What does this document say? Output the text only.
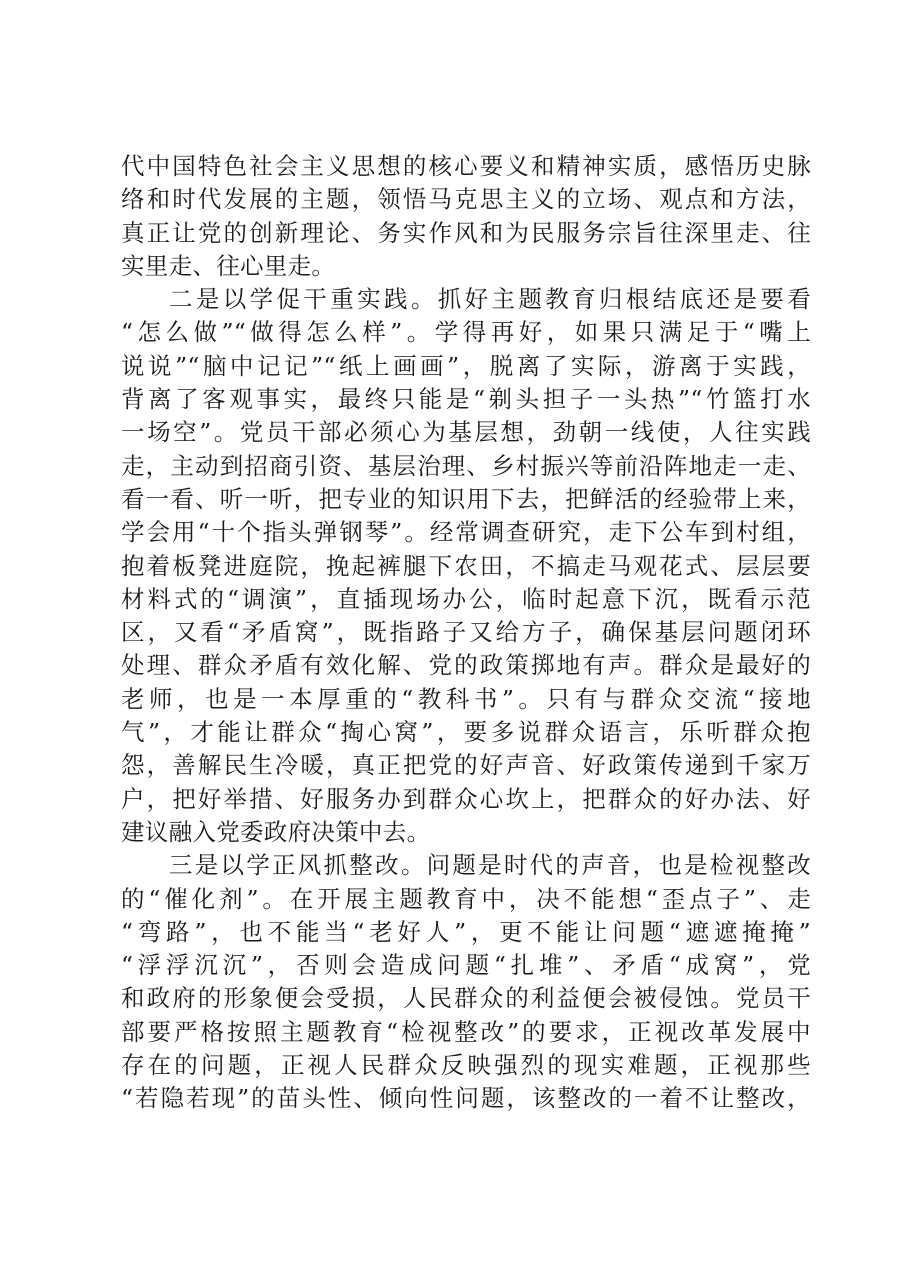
代中国特色社会主义思想的核心要义和精神实质，感悟历史脉
络和时代发展的主题，领悟马克思主义的立场、观点和方法，
真正让党的创新理论、务实作风和为民服务宗旨往深里走、往
实里走、往心里走。
二是以学促干重实践。抓好主题教育归根结底还是要看
“怎么做”“做得怎么样”。学得再好，如果只满足于“嘴上
说说”“脑中记记”“纸上画画”，脱离了实际，游离于实践，
背离了客观事实，最终只能是“剃头担子一头热”“竹篮打水
一场空”。党员干部必须心为基层想，劲朝一线使，人往实践
走，主动到招商引资、基层治理、乡村振兴等前沿阵地走一走、
看一看、听一听，把专业的知识用下去，把鲜活的经验带上来，
学会用“十个指头弹钢琴”。经常调查研究，走下公车到村组，
抱着板凳进庭院，挽起裤腿下农田，不搞走马观花式、层层要
材料式的“调演”，直插现场办公，临时起意下沉，既看示范
区，又看“矛盾窝”，既指路子又给方子，确保基层问题闭环
处理、群众矛盾有效化解、党的政策掷地有声。群众是最好的
老师，也是一本厚重的“教科书”。只有与群众交流“接地
气”，才能让群众“掏心窝”，要多说群众语言，乐听群众抱
怨，善解民生冷暖，真正把党的好声音、好政策传递到千家万
户，把好举措、好服务办到群众心坎上，把群众的好办法、好
建议融入党委政府决策中去。
三是以学正风抓整改。问题是时代的声音，也是检视整改
的“催化剂”。在开展主题教育中，决不能想“歪点子”、走
“弯路”，也不能当“老好人”，更不能让问题“遮遮掩掩”
“浮浮沉沉”，否则会造成问题“扎堆”、矛盾“成窝”，党
和政府的形象便会受损，人民群众的利益便会被侵蚀。党员干
部要严格按照主题教育“检视整改”的要求，正视改革发展中
存在的问题，正视人民群众反映强烈的现实难题，正视那些
“若隐若现”的苗头性、倾向性问题，该整改的一着不让整改，
